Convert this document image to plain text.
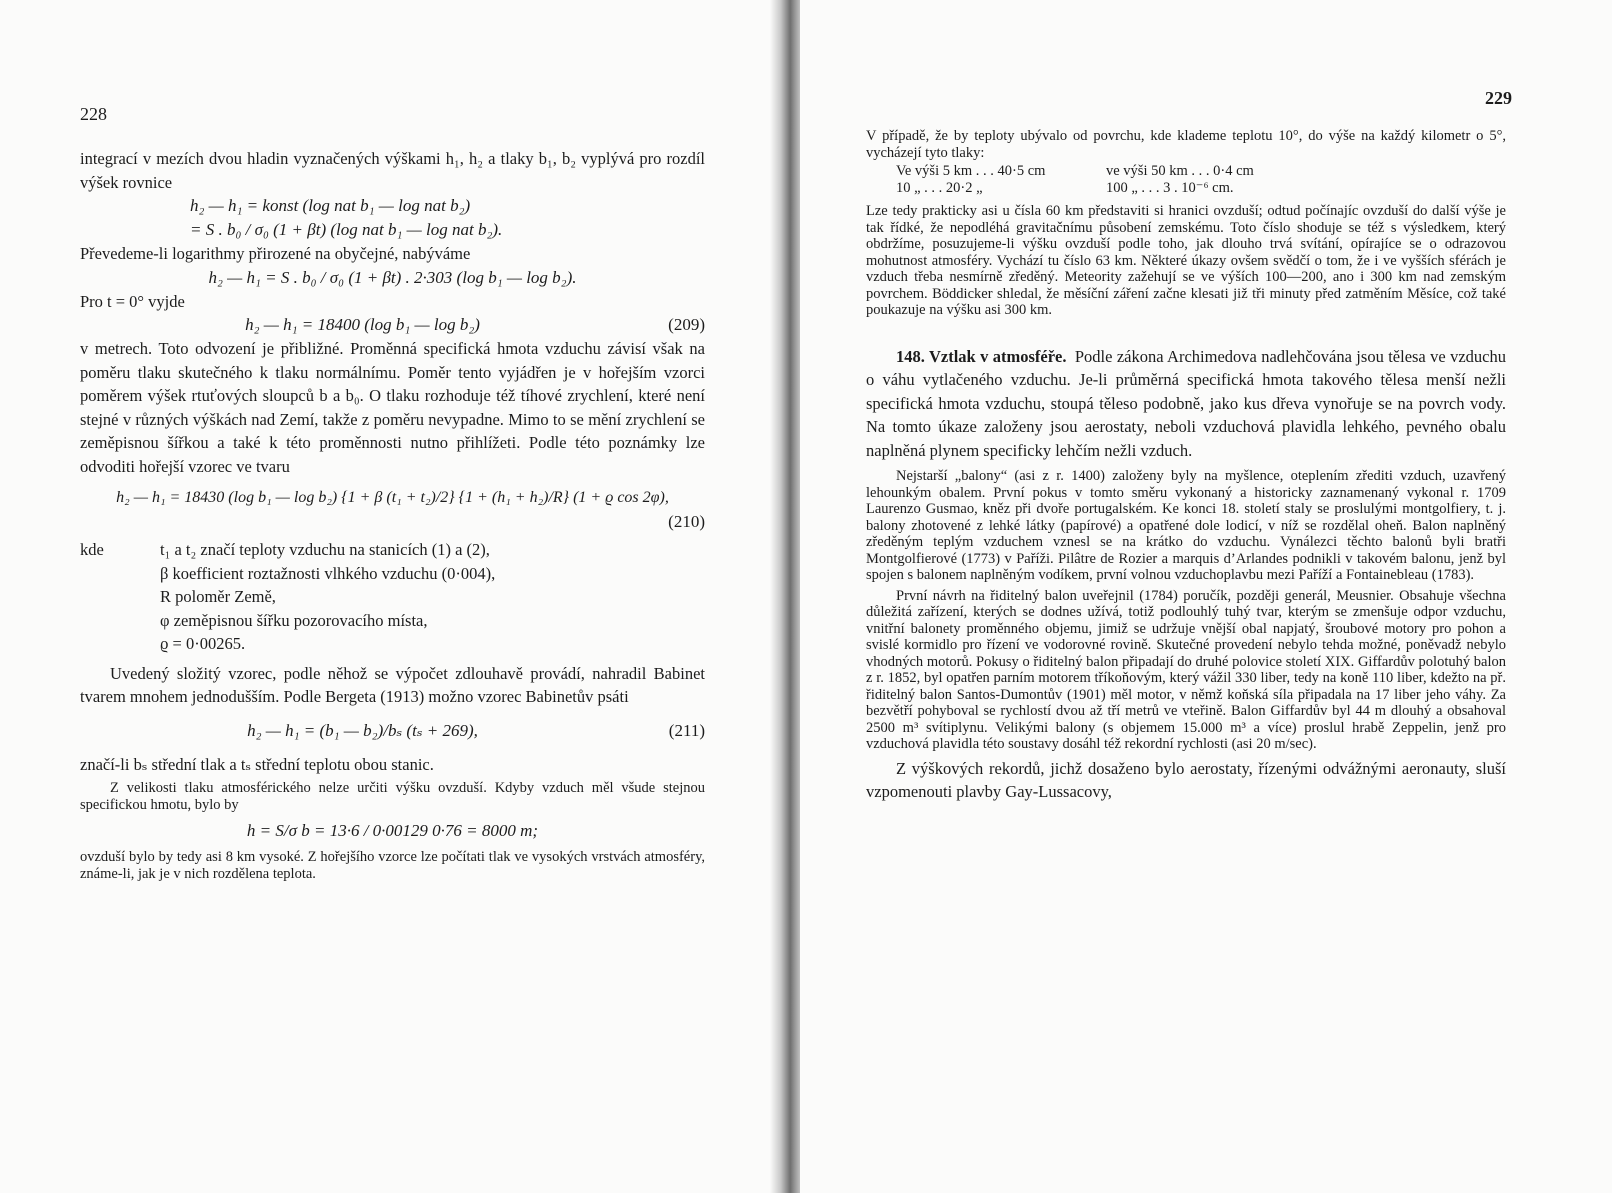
228

integrací v mezích dvou hladin vyznačených výškami h₁, h₂ a tlaky b₁, b₂ vyplývá pro rozdíl výšek rovnice

h₂ — h₁ = konst (log nat b₁ — log nat b₂)
= S . b₀ / σ₀ (1 + βt) (log nat b₁ — log nat b₂).

Převedeme-li logarithmy přirozené na obyčejné, nabýváme

h₂ — h₁ = S . b₀ / σ₀ (1 + βt) . 2·303 (log b₁ — log b₂).

Pro t = 0° vyjde

h₂ — h₁ = 18400 (log b₁ — log b₂)	(209)

v metrech. Toto odvození je přibližné. Proměnná specifická hmota vzduchu závisí však na poměru tlaku skutečného k tlaku normálnímu. Poměr tento vyjádřen je v hořejším vzorci poměrem výšek rtuťových sloupců b a b₀. O tlaku rozhoduje též tíhové zrychlení, které není stejné v různých výškách nad Zemí, takže z poměru nevypadne. Mimo to se mění zrychlení se zeměpisnou šířkou a také k této proměnnosti nutno přihlížeti. Podle této poznámky lze odvoditi hořejší vzorec ve tvaru

h₂ — h₁ = 18430 (log b₁ — log b₂) {1 + β (t₁ + t₂)/2} {1 + (h₁ + h₂)/R} (1 + ϱ cos 2φ),
(210)
kde	t₁ a t₂ značí teploty vzduchu na stanicích (1) a (2),
β koefficient roztažnosti vlhkého vzduchu (0·004),
R poloměr Země,
φ zeměpisnou šířku pozorovacího místa,
ϱ = 0·00265.

Uvedený složitý vzorec, podle něhož se výpočet zdlouhavě provádí, nahradil Babinet tvarem mnohem jednodušším. Podle Bergeta (1913) možno vzorec Babinetův psáti

h₂ — h₁ = (b₁ — b₂)/bₛ (tₛ + 269),	(211)

značí-li bₛ střední tlak a tₛ střední teplotu obou stanic.

Z velikosti tlaku atmosférického nelze určiti výšku ovzduší. Kdyby vzduch měl všude stejnou specifickou hmotu, bylo by

h = S/σ b = 13·6 / 0·00129 0·76 = 8000 m;

ovzduší bylo by tedy asi 8 km vysoké. Z hořejšího vzorce lze počítati tlak ve vysokých vrstvách atmosféry, známe-li, jak je v nich rozdělena teplota.

229

V případě, že by teploty ubývalo od povrchu, kde klademe teplotu 10°, do výše na každý kilometr o 5°, vycházejí tyto tlaky:

Ve výši 5 km . . . 40·5 cm	ve výši 50 km . . . 0·4 cm
10 „ . . . 20·2 „	100 „ . . . 3 . 10⁻⁶ cm.

Lze tedy prakticky asi u čísla 60 km představiti si hranici ovzduší; odtud počínajíc ovzduší do další výše je tak řídké, že nepodléhá gravitačnímu působení zemskému. Toto číslo shoduje se též s výsledkem, který obdržíme, posuzujeme-li výšku ovzduší podle toho, jak dlouho trvá svítání, opírajíce se o odrazovou mohutnost atmosféry. Vychází tu číslo 63 km. Některé úkazy ovšem svědčí o tom, že i ve vyšších sférách je vzduch třeba nesmírně zředěný. Meteority zažehují se ve výších 100—200, ano i 300 km nad zemským povrchem. Böddicker shledal, že měsíční záření začne klesati již tři minuty před zatměním Měsíce, což také poukazuje na výšku asi 300 km.

148. Vztlak v atmosféře. Podle zákona Archimedova nadlehčována jsou tělesa ve vzduchu o váhu vytlačeného vzduchu. Je-li průměrná specifická hmota takového tělesa menší nežli specifická hmota vzduchu, stoupá těleso podobně, jako kus dřeva vynořuje se na povrch vody. Na tomto úkaze založeny jsou aerostaty, neboli vzduchová plavidla lehkého, pevného obalu naplněná plynem specificky lehčím nežli vzduch.

Nejstarší „balony“ (asi z r. 1400) založeny byly na myšlence, oteplením zřediti vzduch, uzavřený lehounkým obalem. První pokus v tomto směru vykonaný a historicky zaznamenaný vykonal r. 1709 Laurenzo Gusmao, kněz při dvoře portugalském. Ke konci 18. století staly se proslulými montgolfiery, t. j. balony zhotovené z lehké látky (papírové) a opatřené dole lodicí, v níž se rozdělal oheň. Balon naplněný zředěným teplým vzduchem vznesl se na krátko do vzduchu. Vynálezci těchto balonů byli bratři Montgolfierové (1773) v Paříži. Pilâtre de Rozier a marquis d’Arlandes podnikli v takovém balonu, jenž byl spojen s balonem naplněným vodíkem, první volnou vzduchoplavbu mezi Paříží a Fontainebleau (1783).

První návrh na řiditelný balon uveřejnil (1784) poručík, později generál, Meusnier. Obsahuje všechna důležitá zařízení, kterých se dodnes užívá, totiž podlouhlý tuhý tvar, kterým se zmenšuje odpor vzduchu, vnitřní balonety proměnného objemu, jimiž se udržuje vnější obal napjatý, šroubové motory pro pohon a svislé kormidlo pro řízení ve vodorovné rovině. Skutečné provedení nebylo tehda možné, poněvadž nebylo vhodných motorů. Pokusy o řiditelný balon připadají do druhé polovice století XIX. Giffardův polotuhý balon z r. 1852, byl opatřen parním motorem tříkoňovým, který vážil 330 liber, tedy na koně 110 liber, kdežto na př. řiditelný balon Santos-Dumontův (1901) měl motor, v němž koňská síla připadala na 17 liber jeho váhy. Za bezvětří pohyboval se rychlostí dvou až tří metrů ve vteřině. Balon Giffardův byl 44 m dlouhý a obsahoval 2500 m³ svítiplynu. Velikými balony (s objemem 15.000 m³ a více) proslul hrabě Zeppelin, jenž pro vzduchová plavidla této soustavy dosáhl též rekordní rychlosti (asi 20 m/sec).

Z výškových rekordů, jichž dosaženo bylo aerostaty, řízenými odvážnými aeronauty, sluší vzpomenouti plavby Gay-Lussacovy,
